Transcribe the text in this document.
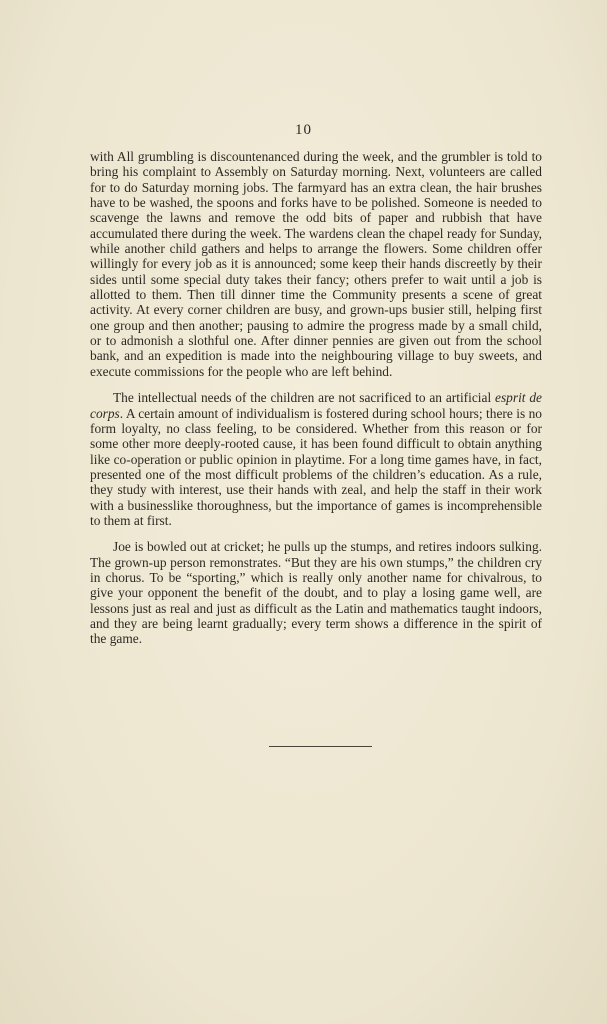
10

with All grumbling is discountenanced during the week, and the grumbler is told to bring his complaint to Assembly on Saturday morning. Next, volunteers are called for to do Saturday morning jobs. The farmyard has an extra clean, the hair brushes have to be washed, the spoons and forks have to be polished. Someone is needed to scavenge the lawns and remove the odd bits of paper and rubbish that have accumulated there during the week. The wardens clean the chapel ready for Sunday, while another child gathers and helps to arrange the flowers. Some children offer willingly for every job as it is announced; some keep their hands discreetly by their sides until some special duty takes their fancy; others prefer to wait until a job is allotted to them. Then till dinner time the Community presents a scene of great activity. At every corner children are busy, and grown-ups busier still, helping first one group and then another; pausing to admire the progress made by a small child, or to admonish a slothful one. After dinner pennies are given out from the school bank, and an expedition is made into the neighbouring village to buy sweets, and execute commissions for the people who are left behind.

The intellectual needs of the children are not sacrificed to an artificial esprit de corps. A certain amount of individualism is fostered during school hours; there is no form loyalty, no class feeling, to be considered. Whether from this reason or for some other more deeply-rooted cause, it has been found difficult to obtain anything like co-operation or public opinion in playtime. For a long time games have, in fact, presented one of the most difficult problems of the children’s education. As a rule, they study with interest, use their hands with zeal, and help the staff in their work with a businesslike thoroughness, but the importance of games is incomprehensible to them at first.

Joe is bowled out at cricket; he pulls up the stumps, and retires indoors sulking. The grown-up person remonstrates. “But they are his own stumps,” the children cry in chorus. To be “sporting,” which is really only another name for chivalrous, to give your opponent the benefit of the doubt, and to play a losing game well, are lessons just as real and just as difficult as the Latin and mathematics taught indoors, and they are being learnt gradually; every term shows a difference in the spirit of the game.
